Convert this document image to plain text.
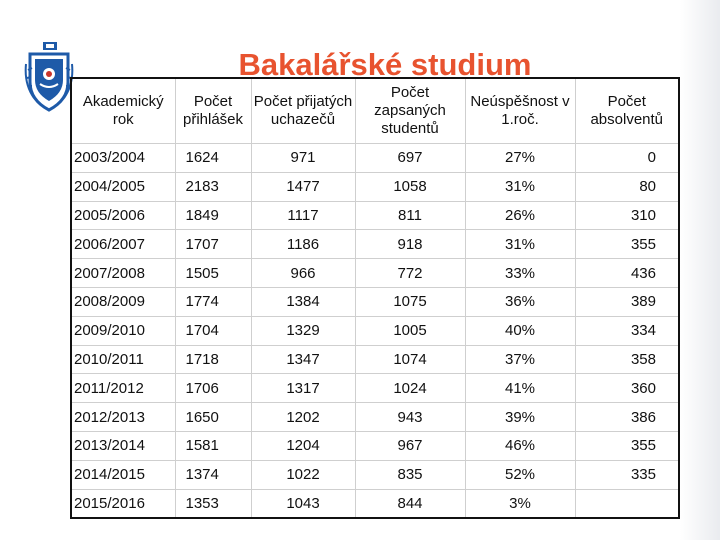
Bakalářské studium
Akademický rok	Počet přihlášek	Počet přijatých uchazečů	Počet zapsaných studentů	Neúspěšnost v 1.roč.	Počet absolventů
2003/2004	1624	971	697	27%	0
2004/2005	2183	1477	1058	31%	80
2005/2006	1849	1117	811	26%	310
2006/2007	1707	1186	918	31%	355
2007/2008	1505	966	772	33%	436
2008/2009	1774	1384	1075	36%	389
2009/2010	1704	1329	1005	40%	334
2010/2011	1718	1347	1074	37%	358
2011/2012	1706	1317	1024	41%	360
2012/2013	1650	1202	943	39%	386
2013/2014	1581	1204	967	46%	355
2014/2015	1374	1022	835	52%	335
2015/2016	1353	1043	844	3%	
